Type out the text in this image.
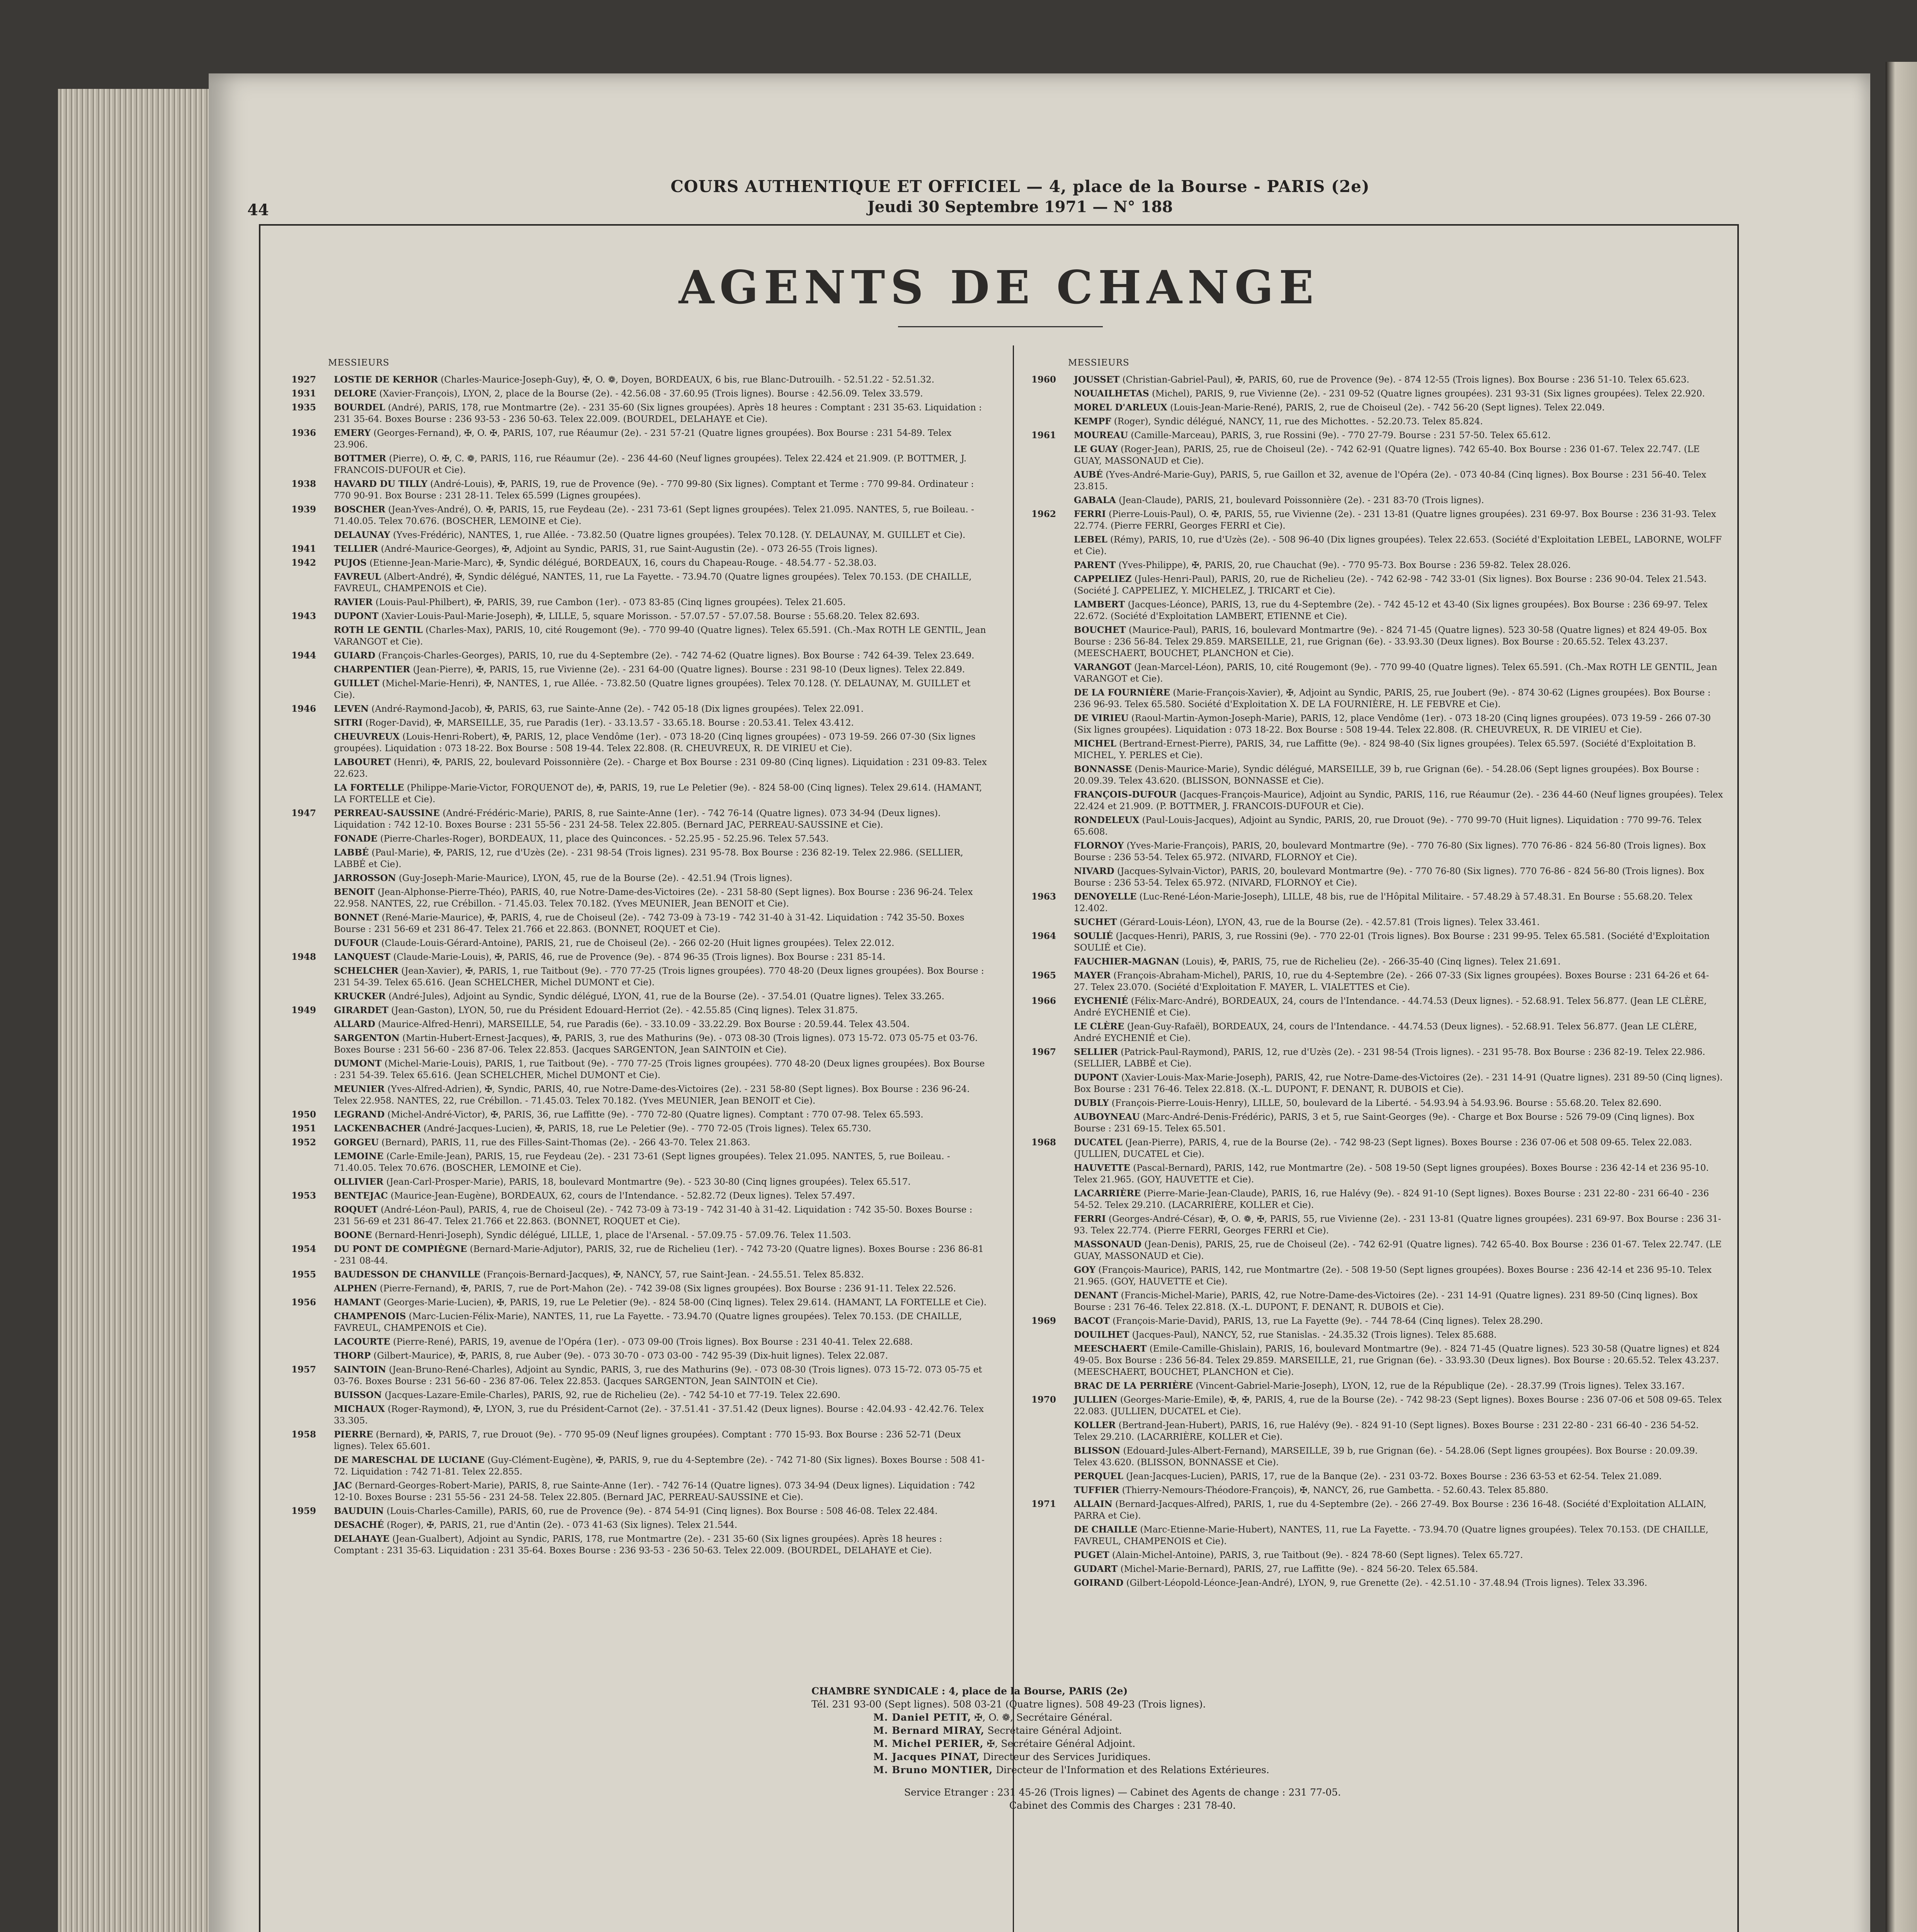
44
COURS AUTHENTIQUE ET OFFICIEL — 4, place de la Bourse - PARIS (2e)
Jeudi 30 Septembre 1971 — N° 188
AGENTS DE CHANGE
MESSIEURS
1927	LOSTIE DE KERHOR (Charles-Maurice-Joseph-Guy), ✠, O. ❁, Doyen, BORDEAUX, 6 bis, rue Blanc-Dutrouilh. - 52.51.22 - 52.51.32.
1931	DELORE (Xavier-François), LYON, 2, place de la Bourse (2e). - 42.56.08 - 37.60.95 (Trois lignes). Bourse : 42.56.09. Telex 33.579.
1935	BOURDEL (André), PARIS, 178, rue Montmartre (2e). - 231 35-60 (Six lignes groupées). Après 18 heures : Comptant : 231 35-63. Liquidation : 231 35-64. Boxes Bourse : 236 93-53 - 236 50-63. Telex 22.009. (BOURDEL, DELAHAYE et Cie).
1936	EMERY (Georges-Fernand), ✠, O. ✠, PARIS, 107, rue Réaumur (2e). - 231 57-21 (Quatre lignes groupées). Box Bourse : 231 54-89. Telex 23.906.
BOTTMER (Pierre), O. ✠, C. ❁, PARIS, 116, rue Réaumur (2e). - 236 44-60 (Neuf lignes groupées). Telex 22.424 et 21.909. (P. BOTTMER, J. FRANCOIS-DUFOUR et Cie).
1938	HAVARD DU TILLY (André-Louis), ✠, PARIS, 19, rue de Provence (9e). - 770 99-80 (Six lignes). Comptant et Terme : 770 99-84. Ordinateur : 770 90-91. Box Bourse : 231 28-11. Telex 65.599 (Lignes groupées).
1939	BOSCHER (Jean-Yves-André), O. ✠, PARIS, 15, rue Feydeau (2e). - 231 73-61 (Sept lignes groupées). Telex 21.095. NANTES, 5, rue Boileau. - 71.40.05. Telex 70.676. (BOSCHER, LEMOINE et Cie).
DELAUNAY (Yves-Frédéric), NANTES, 1, rue Allée. - 73.82.50 (Quatre lignes groupées). Telex 70.128. (Y. DELAUNAY, M. GUILLET et Cie).
1941	TELLIER (André-Maurice-Georges), ✠, Adjoint au Syndic, PARIS, 31, rue Saint-Augustin (2e). - 073 26-55 (Trois lignes).
1942	PUJOS (Etienne-Jean-Marie-Marc), ✠, Syndic délégué, BORDEAUX, 16, cours du Chapeau-Rouge. - 48.54.77 - 52.38.03.
FAVREUL (Albert-André), ✠, Syndic délégué, NANTES, 11, rue La Fayette. - 73.94.70 (Quatre lignes groupées). Telex 70.153. (DE CHAILLE, FAVREUL, CHAMPENOIS et Cie).
RAVIER (Louis-Paul-Philbert), ✠, PARIS, 39, rue Cambon (1er). - 073 83-85 (Cinq lignes groupées). Telex 21.605.
1943	DUPONT (Xavier-Louis-Paul-Marie-Joseph), ✠, LILLE, 5, square Morisson. - 57.07.57 - 57.07.58. Bourse : 55.68.20. Telex 82.693.
ROTH LE GENTIL (Charles-Max), PARIS, 10, cité Rougemont (9e). - 770 99-40 (Quatre lignes). Telex 65.591. (Ch.-Max ROTH LE GENTIL, Jean VARANGOT et Cie).
1944	GUIARD (François-Charles-Georges), PARIS, 10, rue du 4-Septembre (2e). - 742 74-62 (Quatre lignes). Box Bourse : 742 64-39. Telex 23.649.
CHARPENTIER (Jean-Pierre), ✠, PARIS, 15, rue Vivienne (2e). - 231 64-00 (Quatre lignes). Bourse : 231 98-10 (Deux lignes). Telex 22.849.
GUILLET (Michel-Marie-Henri), ✠, NANTES, 1, rue Allée. - 73.82.50 (Quatre lignes groupées). Telex 70.128. (Y. DELAUNAY, M. GUILLET et Cie).
1946	LEVEN (André-Raymond-Jacob), ✠, PARIS, 63, rue Sainte-Anne (2e). - 742 05-18 (Dix lignes groupées). Telex 22.091.
SITRI (Roger-David), ✠, MARSEILLE, 35, rue Paradis (1er). - 33.13.57 - 33.65.18. Bourse : 20.53.41. Telex 43.412.
CHEUVREUX (Louis-Henri-Robert), ✠, PARIS, 12, place Vendôme (1er). - 073 18-20 (Cinq lignes groupées) - 073 19-59. 266 07-30 (Six lignes groupées). Liquidation : 073 18-22. Box Bourse : 508 19-44. Telex 22.808. (R. CHEUVREUX, R. DE VIRIEU et Cie).
LABOURET (Henri), ✠, PARIS, 22, boulevard Poissonnière (2e). - Charge et Box Bourse : 231 09-80 (Cinq lignes). Liquidation : 231 09-83. Telex 22.623.
LA FORTELLE (Philippe-Marie-Victor, FORQUENOT de), ✠, PARIS, 19, rue Le Peletier (9e). - 824 58-00 (Cinq lignes). Telex 29.614. (HAMANT, LA FORTELLE et Cie).
1947	PERREAU-SAUSSINE (André-Frédéric-Marie), PARIS, 8, rue Sainte-Anne (1er). - 742 76-14 (Quatre lignes). 073 34-94 (Deux lignes). Liquidation : 742 12-10. Boxes Bourse : 231 55-56 - 231 24-58. Telex 22.805. (Bernard JAC, PERREAU-SAUSSINE et Cie).
FONADE (Pierre-Charles-Roger), BORDEAUX, 11, place des Quinconces. - 52.25.95 - 52.25.96. Telex 57.543.
LABBÉ (Paul-Marie), ✠, PARIS, 12, rue d'Uzès (2e). - 231 98-54 (Trois lignes). 231 95-78. Box Bourse : 236 82-19. Telex 22.986. (SELLIER, LABBÉ et Cie).
JARROSSON (Guy-Joseph-Marie-Maurice), LYON, 45, rue de la Bourse (2e). - 42.51.94 (Trois lignes).
BENOIT (Jean-Alphonse-Pierre-Théo), PARIS, 40, rue Notre-Dame-des-Victoires (2e). - 231 58-80 (Sept lignes). Box Bourse : 236 96-24. Telex 22.958. NANTES, 22, rue Crébillon. - 71.45.03. Telex 70.182. (Yves MEUNIER, Jean BENOIT et Cie).
BONNET (René-Marie-Maurice), ✠, PARIS, 4, rue de Choiseul (2e). - 742 73-09 à 73-19 - 742 31-40 à 31-42. Liquidation : 742 35-50. Boxes Bourse : 231 56-69 et 231 86-47. Telex 21.766 et 22.863. (BONNET, ROQUET et Cie).
DUFOUR (Claude-Louis-Gérard-Antoine), PARIS, 21, rue de Choiseul (2e). - 266 02-20 (Huit lignes groupées). Telex 22.012.
1948	LANQUEST (Claude-Marie-Louis), ✠, PARIS, 46, rue de Provence (9e). - 874 96-35 (Trois lignes). Box Bourse : 231 85-14.
SCHELCHER (Jean-Xavier), ✠, PARIS, 1, rue Taitbout (9e). - 770 77-25 (Trois lignes groupées). 770 48-20 (Deux lignes groupées). Box Bourse : 231 54-39. Telex 65.616. (Jean SCHELCHER, Michel DUMONT et Cie).
KRUCKER (André-Jules), Adjoint au Syndic, Syndic délégué, LYON, 41, rue de la Bourse (2e). - 37.54.01 (Quatre lignes). Telex 33.265.
1949	GIRARDET (Jean-Gaston), LYON, 50, rue du Président Edouard-Herriot (2e). - 42.55.85 (Cinq lignes). Telex 31.875.
ALLARD (Maurice-Alfred-Henri), MARSEILLE, 54, rue Paradis (6e). - 33.10.09 - 33.22.29. Box Bourse : 20.59.44. Telex 43.504.
SARGENTON (Martin-Hubert-Ernest-Jacques), ✠, PARIS, 3, rue des Mathurins (9e). - 073 08-30 (Trois lignes). 073 15-72. 073 05-75 et 03-76. Boxes Bourse : 231 56-60 - 236 87-06. Telex 22.853. (Jacques SARGENTON, Jean SAINTOIN et Cie).
DUMONT (Michel-Marie-Louis), PARIS, 1, rue Taitbout (9e). - 770 77-25 (Trois lignes groupées). 770 48-20 (Deux lignes groupées). Box Bourse : 231 54-39. Telex 65.616. (Jean SCHELCHER, Michel DUMONT et Cie).
MEUNIER (Yves-Alfred-Adrien), ✠, Syndic, PARIS, 40, rue Notre-Dame-des-Victoires (2e). - 231 58-80 (Sept lignes). Box Bourse : 236 96-24. Telex 22.958. NANTES, 22, rue Crébillon. - 71.45.03. Telex 70.182. (Yves MEUNIER, Jean BENOIT et Cie).
1950	LEGRAND (Michel-André-Victor), ✠, PARIS, 36, rue Laffitte (9e). - 770 72-80 (Quatre lignes). Comptant : 770 07-98. Telex 65.593.
1951	LACKENBACHER (André-Jacques-Lucien), ✠, PARIS, 18, rue Le Peletier (9e). - 770 72-05 (Trois lignes). Telex 65.730.
1952	GORGEU (Bernard), PARIS, 11, rue des Filles-Saint-Thomas (2e). - 266 43-70. Telex 21.863.
LEMOINE (Carle-Emile-Jean), PARIS, 15, rue Feydeau (2e). - 231 73-61 (Sept lignes groupées). Telex 21.095. NANTES, 5, rue Boileau. - 71.40.05. Telex 70.676. (BOSCHER, LEMOINE et Cie).
OLLIVIER (Jean-Carl-Prosper-Marie), PARIS, 18, boulevard Montmartre (9e). - 523 30-80 (Cinq lignes groupées). Telex 65.517.
1953	BENTEJAC (Maurice-Jean-Eugène), BORDEAUX, 62, cours de l'Intendance. - 52.82.72 (Deux lignes). Telex 57.497.
ROQUET (André-Léon-Paul), PARIS, 4, rue de Choiseul (2e). - 742 73-09 à 73-19 - 742 31-40 à 31-42. Liquidation : 742 35-50. Boxes Bourse : 231 56-69 et 231 86-47. Telex 21.766 et 22.863. (BONNET, ROQUET et Cie).
BOONE (Bernard-Henri-Joseph), Syndic délégué, LILLE, 1, place de l'Arsenal. - 57.09.75 - 57.09.76. Telex 11.503.
1954	DU PONT DE COMPIÈGNE (Bernard-Marie-Adjutor), PARIS, 32, rue de Richelieu (1er). - 742 73-20 (Quatre lignes). Boxes Bourse : 236 86-81 - 231 08-44.
1955	BAUDESSON DE CHANVILLE (François-Bernard-Jacques), ✠, NANCY, 57, rue Saint-Jean. - 24.55.51. Telex 85.832.
ALPHEN (Pierre-Fernand), ✠, PARIS, 7, rue de Port-Mahon (2e). - 742 39-08 (Six lignes groupées). Box Bourse : 236 91-11. Telex 22.526.
1956	HAMANT (Georges-Marie-Lucien), ✠, PARIS, 19, rue Le Peletier (9e). - 824 58-00 (Cinq lignes). Telex 29.614. (HAMANT, LA FORTELLE et Cie).
CHAMPENOIS (Marc-Lucien-Félix-Marie), NANTES, 11, rue La Fayette. - 73.94.70 (Quatre lignes groupées). Telex 70.153. (DE CHAILLE, FAVREUL, CHAMPENOIS et Cie).
LACOURTE (Pierre-René), PARIS, 19, avenue de l'Opéra (1er). - 073 09-00 (Trois lignes). Box Bourse : 231 40-41. Telex 22.688.
THORP (Gilbert-Maurice), ✠, PARIS, 8, rue Auber (9e). - 073 30-70 - 073 03-00 - 742 95-39 (Dix-huit lignes). Telex 22.087.
1957	SAINTOIN (Jean-Bruno-René-Charles), Adjoint au Syndic, PARIS, 3, rue des Mathurins (9e). - 073 08-30 (Trois lignes). 073 15-72. 073 05-75 et 03-76. Boxes Bourse : 231 56-60 - 236 87-06. Telex 22.853. (Jacques SARGENTON, Jean SAINTOIN et Cie).
BUISSON (Jacques-Lazare-Emile-Charles), PARIS, 92, rue de Richelieu (2e). - 742 54-10 et 77-19. Telex 22.690.
MICHAUX (Roger-Raymond), ✠, LYON, 3, rue du Président-Carnot (2e). - 37.51.41 - 37.51.42 (Deux lignes). Bourse : 42.04.93 - 42.42.76. Telex 33.305.
1958	PIERRE (Bernard), ✠, PARIS, 7, rue Drouot (9e). - 770 95-09 (Neuf lignes groupées). Comptant : 770 15-93. Box Bourse : 236 52-71 (Deux lignes). Telex 65.601.
DE MARESCHAL DE LUCIANE (Guy-Clément-Eugène), ✠, PARIS, 9, rue du 4-Septembre (2e). - 742 71-80 (Six lignes). Boxes Bourse : 508 41-72. Liquidation : 742 71-81. Telex 22.855.
JAC (Bernard-Georges-Robert-Marie), PARIS, 8, rue Sainte-Anne (1er). - 742 76-14 (Quatre lignes). 073 34-94 (Deux lignes). Liquidation : 742 12-10. Boxes Bourse : 231 55-56 - 231 24-58. Telex 22.805. (Bernard JAC, PERREAU-SAUSSINE et Cie).
1959	BAUDUIN (Louis-Charles-Camille), PARIS, 60, rue de Provence (9e). - 874 54-91 (Cinq lignes). Box Bourse : 508 46-08. Telex 22.484.
DESACHÉ (Roger), ✠, PARIS, 21, rue d'Antin (2e). - 073 41-63 (Six lignes). Telex 21.544.
DELAHAYE (Jean-Gualbert), Adjoint au Syndic, PARIS, 178, rue Montmartre (2e). - 231 35-60 (Six lignes groupées). Après 18 heures : Comptant : 231 35-63. Liquidation : 231 35-64. Boxes Bourse : 236 93-53 - 236 50-63. Telex 22.009. (BOURDEL, DELAHAYE et Cie).
MESSIEURS
1960	JOUSSET (Christian-Gabriel-Paul), ✠, PARIS, 60, rue de Provence (9e). - 874 12-55 (Trois lignes). Box Bourse : 236 51-10. Telex 65.623.
NOUAILHETAS (Michel), PARIS, 9, rue Vivienne (2e). - 231 09-52 (Quatre lignes groupées). 231 93-31 (Six lignes groupées). Telex 22.920.
MOREL D'ARLEUX (Louis-Jean-Marie-René), PARIS, 2, rue de Choiseul (2e). - 742 56-20 (Sept lignes). Telex 22.049.
KEMPF (Roger), Syndic délégué, NANCY, 11, rue des Michottes. - 52.20.73. Telex 85.824.
1961	MOUREAU (Camille-Marceau), PARIS, 3, rue Rossini (9e). - 770 27-79. Bourse : 231 57-50. Telex 65.612.
LE GUAY (Roger-Jean), PARIS, 25, rue de Choiseul (2e). - 742 62-91 (Quatre lignes). 742 65-40. Box Bourse : 236 01-67. Telex 22.747. (LE GUAY, MASSONAUD et Cie).
AUBÉ (Yves-André-Marie-Guy), PARIS, 5, rue Gaillon et 32, avenue de l'Opéra (2e). - 073 40-84 (Cinq lignes). Box Bourse : 231 56-40. Telex 23.815.
GABALA (Jean-Claude), PARIS, 21, boulevard Poissonnière (2e). - 231 83-70 (Trois lignes).
1962	FERRI (Pierre-Louis-Paul), O. ✠, PARIS, 55, rue Vivienne (2e). - 231 13-81 (Quatre lignes groupées). 231 69-97. Box Bourse : 236 31-93. Telex 22.774. (Pierre FERRI, Georges FERRI et Cie).
LEBEL (Rémy), PARIS, 10, rue d'Uzès (2e). - 508 96-40 (Dix lignes groupées). Telex 22.653. (Société d'Exploitation LEBEL, LABORNE, WOLFF et Cie).
PARENT (Yves-Philippe), ✠, PARIS, 20, rue Chauchat (9e). - 770 95-73. Box Bourse : 236 59-82. Telex 28.026.
CAPPELIEZ (Jules-Henri-Paul), PARIS, 20, rue de Richelieu (2e). - 742 62-98 - 742 33-01 (Six lignes). Box Bourse : 236 90-04. Telex 21.543. (Société J. CAPPELIEZ, Y. MICHELEZ, J. TRICART et Cie).
LAMBERT (Jacques-Léonce), PARIS, 13, rue du 4-Septembre (2e). - 742 45-12 et 43-40 (Six lignes groupées). Box Bourse : 236 69-97. Telex 22.672. (Société d'Exploitation LAMBERT, ETIENNE et Cie).
BOUCHET (Maurice-Paul), PARIS, 16, boulevard Montmartre (9e). - 824 71-45 (Quatre lignes). 523 30-58 (Quatre lignes) et 824 49-05. Box Bourse : 236 56-84. Telex 29.859. MARSEILLE, 21, rue Grignan (6e). - 33.93.30 (Deux lignes). Box Bourse : 20.65.52. Telex 43.237. (MEESCHAERT, BOUCHET, PLANCHON et Cie).
VARANGOT (Jean-Marcel-Léon), PARIS, 10, cité Rougemont (9e). - 770 99-40 (Quatre lignes). Telex 65.591. (Ch.-Max ROTH LE GENTIL, Jean VARANGOT et Cie).
DE LA FOURNIÈRE (Marie-François-Xavier), ✠, Adjoint au Syndic, PARIS, 25, rue Joubert (9e). - 874 30-62 (Lignes groupées). Box Bourse : 236 96-93. Telex 65.580. Société d'Exploitation X. DE LA FOURNIÈRE, H. LE FEBVRE et Cie).
DE VIRIEU (Raoul-Martin-Aymon-Joseph-Marie), PARIS, 12, place Vendôme (1er). - 073 18-20 (Cinq lignes groupées). 073 19-59 - 266 07-30 (Six lignes groupées). Liquidation : 073 18-22. Box Bourse : 508 19-44. Telex 22.808. (R. CHEUVREUX, R. DE VIRIEU et Cie).
MICHEL (Bertrand-Ernest-Pierre), PARIS, 34, rue Laffitte (9e). - 824 98-40 (Six lignes groupées). Telex 65.597. (Société d'Exploitation B. MICHEL, Y. PERLES et Cie).
BONNASSE (Denis-Maurice-Marie), Syndic délégué, MARSEILLE, 39 b, rue Grignan (6e). - 54.28.06 (Sept lignes groupées). Box Bourse : 20.09.39. Telex 43.620. (BLISSON, BONNASSE et Cie).
FRANÇOIS-DUFOUR (Jacques-François-Maurice), Adjoint au Syndic, PARIS, 116, rue Réaumur (2e). - 236 44-60 (Neuf lignes groupées). Telex 22.424 et 21.909. (P. BOTTMER, J. FRANCOIS-DUFOUR et Cie).
RONDELEUX (Paul-Louis-Jacques), Adjoint au Syndic, PARIS, 20, rue Drouot (9e). - 770 99-70 (Huit lignes). Liquidation : 770 99-76. Telex 65.608.
FLORNOY (Yves-Marie-François), PARIS, 20, boulevard Montmartre (9e). - 770 76-80 (Six lignes). 770 76-86 - 824 56-80 (Trois lignes). Box Bourse : 236 53-54. Telex 65.972. (NIVARD, FLORNOY et Cie).
NIVARD (Jacques-Sylvain-Victor), PARIS, 20, boulevard Montmartre (9e). - 770 76-80 (Six lignes). 770 76-86 - 824 56-80 (Trois lignes). Box Bourse : 236 53-54. Telex 65.972. (NIVARD, FLORNOY et Cie).
1963	DENOYELLE (Luc-René-Léon-Marie-Joseph), LILLE, 48 bis, rue de l'Hôpital Militaire. - 57.48.29 à 57.48.31. En Bourse : 55.68.20. Telex 12.402.
SUCHET (Gérard-Louis-Léon), LYON, 43, rue de la Bourse (2e). - 42.57.81 (Trois lignes). Telex 33.461.
1964	SOULIÉ (Jacques-Henri), PARIS, 3, rue Rossini (9e). - 770 22-01 (Trois lignes). Box Bourse : 231 99-95. Telex 65.581. (Société d'Exploitation SOULIÉ et Cie).
FAUCHIER-MAGNAN (Louis), ✠, PARIS, 75, rue de Richelieu (2e). - 266-35-40 (Cinq lignes). Telex 21.691.
1965	MAYER (François-Abraham-Michel), PARIS, 10, rue du 4-Septembre (2e). - 266 07-33 (Six lignes groupées). Boxes Bourse : 231 64-26 et 64-27. Telex 23.070. (Société d'Exploitation F. MAYER, L. VIALETTES et Cie).
1966	EYCHENIÉ (Félix-Marc-André), BORDEAUX, 24, cours de l'Intendance. - 44.74.53 (Deux lignes). - 52.68.91. Telex 56.877. (Jean LE CLÈRE, André EYCHENIÉ et Cie).
LE CLÈRE (Jean-Guy-Rafaël), BORDEAUX, 24, cours de l'Intendance. - 44.74.53 (Deux lignes). - 52.68.91. Telex 56.877. (Jean LE CLÈRE, André EYCHENIÉ et Cie).
1967	SELLIER (Patrick-Paul-Raymond), PARIS, 12, rue d'Uzès (2e). - 231 98-54 (Trois lignes). - 231 95-78. Box Bourse : 236 82-19. Telex 22.986. (SELLIER, LABBÉ et Cie).
DUPONT (Xavier-Louis-Max-Marie-Joseph), PARIS, 42, rue Notre-Dame-des-Victoires (2e). - 231 14-91 (Quatre lignes). 231 89-50 (Cinq lignes). Box Bourse : 231 76-46. Telex 22.818. (X.-L. DUPONT, F. DENANT, R. DUBOIS et Cie).
DUBLY (François-Pierre-Louis-Henry), LILLE, 50, boulevard de la Liberté. - 54.93.94 à 54.93.96. Bourse : 55.68.20. Telex 82.690.
AUBOYNEAU (Marc-André-Denis-Frédéric), PARIS, 3 et 5, rue Saint-Georges (9e). - Charge et Box Bourse : 526 79-09 (Cinq lignes). Box Bourse : 231 69-15. Telex 65.501.
1968	DUCATEL (Jean-Pierre), PARIS, 4, rue de la Bourse (2e). - 742 98-23 (Sept lignes). Boxes Bourse : 236 07-06 et 508 09-65. Telex 22.083. (JULLIEN, DUCATEL et Cie).
HAUVETTE (Pascal-Bernard), PARIS, 142, rue Montmartre (2e). - 508 19-50 (Sept lignes groupées). Boxes Bourse : 236 42-14 et 236 95-10. Telex 21.965. (GOY, HAUVETTE et Cie).
LACARRIÈRE (Pierre-Marie-Jean-Claude), PARIS, 16, rue Halévy (9e). - 824 91-10 (Sept lignes). Boxes Bourse : 231 22-80 - 231 66-40 - 236 54-52. Telex 29.210. (LACARRIÈRE, KOLLER et Cie).
FERRI (Georges-André-César), ✠, O. ❁, ✠, PARIS, 55, rue Vivienne (2e). - 231 13-81 (Quatre lignes groupées). 231 69-97. Box Bourse : 236 31-93. Telex 22.774. (Pierre FERRI, Georges FERRI et Cie).
MASSONAUD (Jean-Denis), PARIS, 25, rue de Choiseul (2e). - 742 62-91 (Quatre lignes). 742 65-40. Box Bourse : 236 01-67. Telex 22.747. (LE GUAY, MASSONAUD et Cie).
GOY (François-Maurice), PARIS, 142, rue Montmartre (2e). - 508 19-50 (Sept lignes groupées). Boxes Bourse : 236 42-14 et 236 95-10. Telex 21.965. (GOY, HAUVETTE et Cie).
DENANT (Francis-Michel-Marie), PARIS, 42, rue Notre-Dame-des-Victoires (2e). - 231 14-91 (Quatre lignes). 231 89-50 (Cinq lignes). Box Bourse : 231 76-46. Telex 22.818. (X.-L. DUPONT, F. DENANT, R. DUBOIS et Cie).
1969	BACOT (François-Marie-David), PARIS, 13, rue La Fayette (9e). - 744 78-64 (Cinq lignes). Telex 28.290.
DOUILHET (Jacques-Paul), NANCY, 52, rue Stanislas. - 24.35.32 (Trois lignes). Telex 85.688.
MEESCHAERT (Emile-Camille-Ghislain), PARIS, 16, boulevard Montmartre (9e). - 824 71-45 (Quatre lignes). 523 30-58 (Quatre lignes) et 824 49-05. Box Bourse : 236 56-84. Telex 29.859. MARSEILLE, 21, rue Grignan (6e). - 33.93.30 (Deux lignes). Box Bourse : 20.65.52. Telex 43.237. (MEESCHAERT, BOUCHET, PLANCHON et Cie).
BRAC DE LA PERRIÈRE (Vincent-Gabriel-Marie-Joseph), LYON, 12, rue de la République (2e). - 28.37.99 (Trois lignes). Telex 33.167.
1970	JULLIEN (Georges-Marie-Emile), ✠, ✠, PARIS, 4, rue de la Bourse (2e). - 742 98-23 (Sept lignes). Boxes Bourse : 236 07-06 et 508 09-65. Telex 22.083. (JULLIEN, DUCATEL et Cie).
KOLLER (Bertrand-Jean-Hubert), PARIS, 16, rue Halévy (9e). - 824 91-10 (Sept lignes). Boxes Bourse : 231 22-80 - 231 66-40 - 236 54-52. Telex 29.210. (LACARRIÈRE, KOLLER et Cie).
BLISSON (Edouard-Jules-Albert-Fernand), MARSEILLE, 39 b, rue Grignan (6e). - 54.28.06 (Sept lignes groupées). Box Bourse : 20.09.39. Telex 43.620. (BLISSON, BONNASSE et Cie).
PERQUEL (Jean-Jacques-Lucien), PARIS, 17, rue de la Banque (2e). - 231 03-72. Boxes Bourse : 236 63-53 et 62-54. Telex 21.089.
TUFFIER (Thierry-Nemours-Théodore-François), ✠, NANCY, 26, rue Gambetta. - 52.60.43. Telex 85.880.
1971	ALLAIN (Bernard-Jacques-Alfred), PARIS, 1, rue du 4-Septembre (2e). - 266 27-49. Box Bourse : 236 16-48. (Société d'Exploitation ALLAIN, PARRA et Cie).
DE CHAILLE (Marc-Etienne-Marie-Hubert), NANTES, 11, rue La Fayette. - 73.94.70 (Quatre lignes groupées). Telex 70.153. (DE CHAILLE, FAVREUL, CHAMPENOIS et Cie).
PUGET (Alain-Michel-Antoine), PARIS, 3, rue Taitbout (9e). - 824 78-60 (Sept lignes). Telex 65.727.
GUDART (Michel-Marie-Bernard), PARIS, 27, rue Laffitte (9e). - 824 56-20. Telex 65.584.
GOIRAND (Gilbert-Léopold-Léonce-Jean-André), LYON, 9, rue Grenette (2e). - 42.51.10 - 37.48.94 (Trois lignes). Telex 33.396.
CHAMBRE SYNDICALE : 4, place de la Bourse, PARIS (2e)
Tél. 231 93-00 (Sept lignes). 508 03-21 (Quatre lignes). 508 49-23 (Trois lignes).
M. Daniel PETIT, ✠, O. ❁, Secrétaire Général.
M. Bernard MIRAY, Secrétaire Général Adjoint.
M. Michel PERIER, ✠, Secrétaire Général Adjoint.
M. Jacques PINAT, Directeur des Services Juridiques.
M. Bruno MONTIER, Directeur de l'Information et des Relations Extérieures.
Service Etranger : 231 45-26 (Trois lignes) — Cabinet des Agents de change : 231 77-05.
Cabinet des Commis des Charges : 231 78-40.
